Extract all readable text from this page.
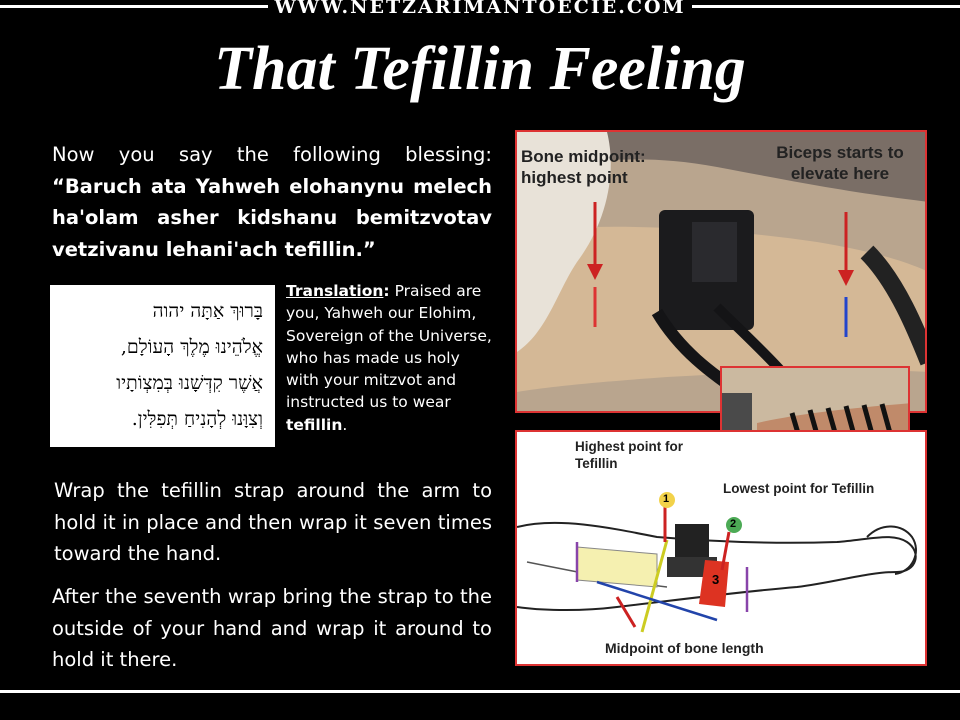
WWW.NETZARIMANTOECIE.COM
That Tefillin Feeling
Now you say the following blessing: “Baruch ata Yahweh elohanynu melech ha'olam asher kidshanu bemitzvotav vetzivanu lehani'ach tefillin.”
בָּרוּךְ אַתָּה יהוה
אֱלֹהֵינוּ מֶלֶךְ הָעוֹלָם,
אֲשֶׁר קִדְּשָׁנוּ בְּמִצְוֹתָיו
וְצִוָּנוּ לְהָנִיחַ תְּפִלִּין.
Translation: Praised are you, Yahweh our Elohim, Sovereign of the Universe, who has made us holy with your mitzvot and instructed us to wear tefillin.
Wrap the tefillin strap around the arm to hold it in place and then wrap it seven times toward the hand.
After the seventh wrap bring the strap to the outside of your hand and wrap it around to hold it there.
Bone midpoint: highest point
Biceps starts to elevate here
Highest point for Tefillin
Lowest point for Tefillin
Midpoint of bone length
1
2
3
